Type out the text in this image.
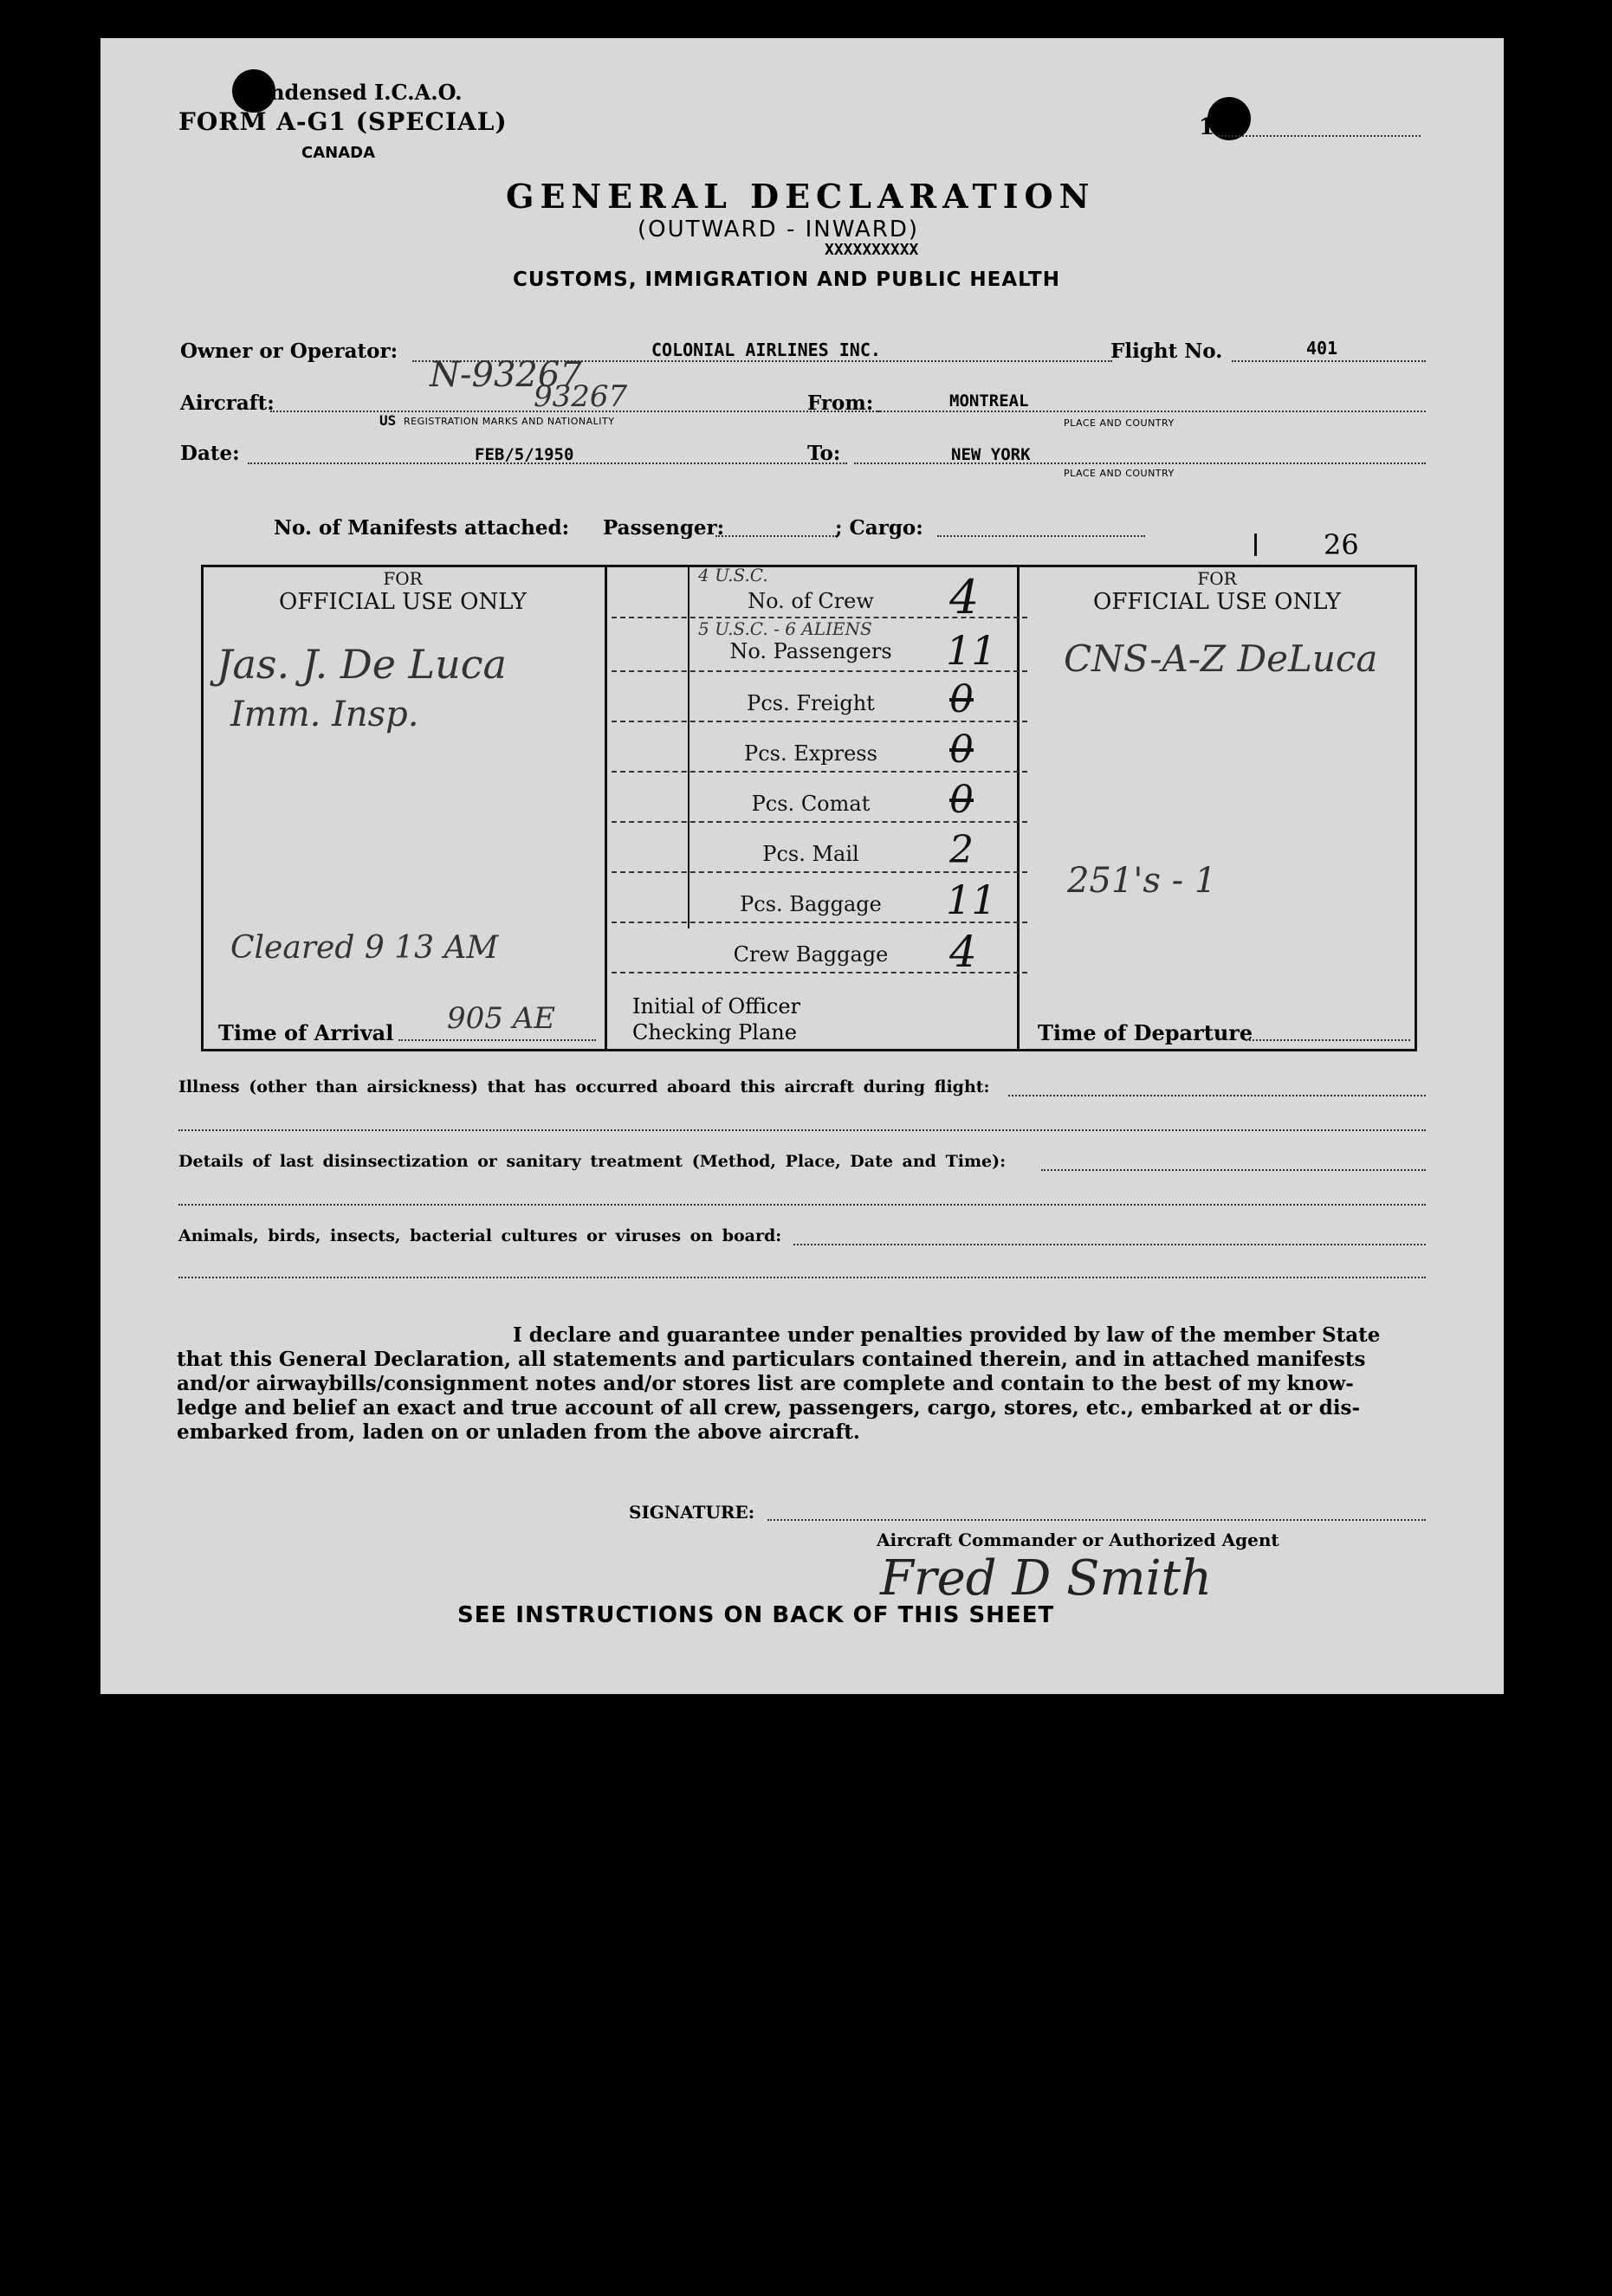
Condensed I.C.A.O.
FORM A-G1 (SPECIAL)
CANADA
1
GENERAL DECLARATION
(OUTWARD - INWARD)
XXXXXXXXXX
CUSTOMS, IMMIGRATION AND PUBLIC HEALTH
Owner or Operator:	COLONIAL AIRLINES INC.
N-93267
Flight No.	401
Aircraft:
US REGISTRATION MARKS AND NATIONALITY
93267	From:	MONTREAL
PLACE AND COUNTRY
Date:	FEB/5/1950	To:	NEW YORK
PLACE AND COUNTRY
No. of Manifests attached: Passenger:	; Cargo:
26
FOR
OFFICIAL USE ONLY
Jas. J. De Luca
Imm. Insp.
Cleared 9 13 AM
FOR
OFFICIAL USE ONLY
CNS-A-Z DeLuca
251's - 1
4 U.S.C.
5 U.S.C. - 6 ALIENS
No. of Crew	4
No. Passengers	11
Pcs. Freight	0
Pcs. Express	0
Pcs. Comat	0
Pcs. Mail	2
Pcs. Baggage	11
Crew Baggage	4
Time of Arrival 905 AE	Initial of Officer
Checking Plane	Time of Departure
Illness (other than airsickness) that has occurred aboard this aircraft during flight:
Details of last disinsectization or sanitary treatment (Method, Place, Date and Time):
Animals, birds, insects, bacterial cultures or viruses on board:
I declare and guarantee under penalties provided by law of the member State
that this General Declaration, all statements and particulars contained therein, and in attached manifests
and/or airwaybills/consignment notes and/or stores list are complete and contain to the best of my know-
ledge and belief an exact and true account of all crew, passengers, cargo, stores, etc., embarked at or dis-
embarked from, laden on or unladen from the above aircraft.
SIGNATURE:
Aircraft Commander or Authorized Agent
Fred D Smith
SEE INSTRUCTIONS ON BACK OF THIS SHEET
